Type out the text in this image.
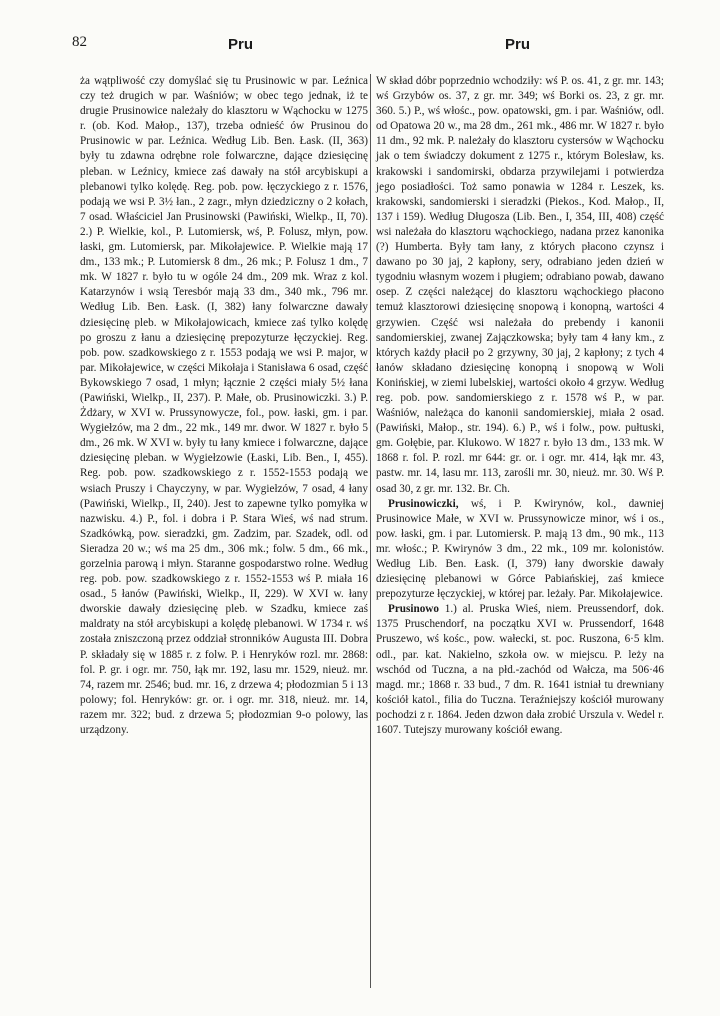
82	Pru	Pru

ża wątpliwość czy domyślać się tu Prusinowic w par. Leźnica czy też drugich w par. Waśniów; w obec tego jednak, iż te drugie Prusinowice należały do klasztoru w Wąchocku w 1275 r. (ob. Kod. Małop., 137), trzeba odnieść ów Prusinou do Prusinowic w par. Leźnica. Według Lib. Ben. Łask. (II, 363) były tu zdawna odrębne role folwarczne, dające dziesięcinę pleban. w Leźnicy, kmiece zaś dawały na stół arcybiskupi a plebanowi tylko kolędę. Reg. pob. pow. łęczyckiego z r. 1576, podają we wsi P. 3½ łan., 2 zagr., młyn dziedziczny o 2 kołach, 7 osad. Właściciel Jan Prusinowski (Pawiński, Wielkp., II, 70). 2.) P. Wielkie, kol., P. Lutomiersk, wś, P. Folusz, młyn, pow. łaski, gm. Lutomiersk, par. Mikołajewice. P. Wielkie mają 17 dm., 133 mk.; P. Lutomiersk 8 dm., 26 mk.; P. Folusz 1 dm., 7 mk. W 1827 r. było tu w ogóle 24 dm., 209 mk. Wraz z kol. Katarzynów i wsią Teresbór mają 33 dm., 340 mk., 796 mr. Według Lib. Ben. Łask. (I, 382) łany folwarczne dawały dziesięcinę pleb. w Mikołajowicach, kmiece zaś tylko kolędę po groszu z łanu a dziesięcinę prepozyturze łęczyckiej. Reg. pob. pow. szadkowskiego z r. 1553 podają we wsi P. major, w par. Mikołajewice, w części Mikołaja i Stanisława 6 osad, część Bykowskiego 7 osad, 1 młyn; łącznie 2 części miały 5½ łana (Pawiński, Wielkp., II, 237). P. Małe, ob. Prusinowiczki. 3.) P. Żdżary, w XVI w. Prussynowycze, fol., pow. łaski, gm. i par. Wygiełzów, ma 2 dm., 22 mk., 149 mr. dwor. W 1827 r. było 5 dm., 26 mk. W XVI w. były tu łany kmiece i folwarczne, dające dziesięcinę pleban. w Wygiełzowie (Łaski, Lib. Ben., I, 455). Reg. pob. pow. szadkowskiego z r. 1552-1553 podają we wsiach Pruszy i Chayczyny, w par. Wygiełzów, 7 osad, 4 łany (Pawiński, Wielkp., II, 240). Jest to zapewne tylko pomyłka w nazwisku. 4.) P., fol. i dobra i P. Stara Wieś, wś nad strum. Szadkówką, pow. sieradzki, gm. Zadzim, par. Szadek, odl. od Sieradza 20 w.; wś ma 25 dm., 306 mk.; folw. 5 dm., 66 mk., gorzelnia parową i młyn. Staranne gospodarstwo rolne. Według reg. pob. pow. szadkowskiego z r. 1552-1553 wś P. miała 16 osad., 5 łanów (Pawiński, Wielkp., II, 229). W XVI w. łany dworskie dawały dziesięcinę pleb. w Szadku, kmiece zaś maldraty na stół arcybiskupi a kolędę plebanowi. W 1734 r. wś została zniszczoną przez oddział stronników Augusta III. Dobra P. składały się w 1885 r. z folw. P. i Henryków rozl. mr. 2868: fol. P. gr. i ogr. mr. 750, łąk mr. 192, lasu mr. 1529, nieuż. mr. 74, razem mr. 2546; bud. mr. 16, z drzewa 4; płodozmian 5 i 13 polowy; fol. Henryków: gr. or. i ogr. mr. 318, nieuż. mr. 14, razem mr. 322; bud. z drzewa 5; płodozmian 9-o polowy, las urządzony.

W skład dóbr poprzednio wchodziły: wś P. os. 41, z gr. mr. 143; wś Grzybów os. 37, z gr. mr. 349; wś Borki os. 23, z gr. mr. 360. 5.) P., wś włośc., pow. opatowski, gm. i par. Waśniów, odl. od Opatowa 20 w., ma 28 dm., 261 mk., 486 mr. W 1827 r. było 11 dm., 92 mk. P. należały do klasztoru cystersów w Wąchocku jak o tem świadczy dokument z 1275 r., którym Bolesław, ks. krakowski i sandomirski, obdarza przywilejami i potwierdza jego posiadłości. Toż samo ponawia w 1284 r. Leszek, ks. krakowski, sandomierski i sieradzki (Piekos., Kod. Małop., II, 137 i 159). Według Długosza (Lib. Ben., I, 354, III, 408) część wsi należała do klasztoru wąchockiego, nadana przez kanonika (?) Humberta. Były tam łany, z których płacono czynsz i dawano po 30 jaj, 2 kapłony, sery, odrabiano jeden dzień w tygodniu własnym wozem i pługiem; odrabiano powab, dawano osep. Z części należącej do klasztoru wąchockiego płacono temuż klasztorowi dziesięcinę snopową i konopną, wartości 4 grzywien. Część wsi należała do prebendy i kanonii sandomierskiej, zwanej Zajączkowska; były tam 4 łany km., z których każdy płacił po 2 grzywny, 30 jaj, 2 kapłony; z tych 4 łanów składano dziesięcinę konopną i snopową w Woli Konińskiej, w ziemi lubelskiej, wartości około 4 grzyw. Według reg. pob. pow. sandomierskiego z r. 1578 wś P., w par. Waśniów, należąca do kanonii sandomierskiej, miała 2 osad. (Pawiński, Małop., str. 194). 6.) P., wś i folw., pow. pułtuski, gm. Gołębie, par. Klukowo. W 1827 r. było 13 dm., 133 mk. W 1868 r. fol. P. rozl. mr 644: gr. or. i ogr. mr. 414, łąk mr. 43, pastw. mr. 14, lasu mr. 113, zarośli mr. 30, nieuż. mr. 30. Wś P. osad 30, z gr. mr. 132. Br. Ch.

Prusinowiczki, wś, i P. Kwirynów, kol., dawniej Prusinowice Małe, w XVI w. Prussynowicze minor, wś i os., pow. łaski, gm. i par. Lutomiersk. P. mają 13 dm., 90 mk., 113 mr. włośc.; P. Kwirynów 3 dm., 22 mk., 109 mr. kolonistów. Według Lib. Ben. Łask. (I, 379) łany dworskie dawały dziesięcinę plebanowi w Górce Pabiańskiej, zaś kmiece prepozyturze łęczyckiej, w której par. leżały. Par. Mikołajewice.

Prusinowo 1.) al. Pruska Wieś, niem. Preussendorf, dok. 1375 Pruschendorf, na początku XVI w. Prussendorf, 1648 Pruszewo, wś kośc., pow. wałecki, st. poc. Ruszona, 6·5 klm. odl., par. kat. Nakielno, szkoła ow. w miejscu. P. leży na wschód od Tuczna, a na płd.-zachód od Wałcza, ma 506·46 magd. mr.; 1868 r. 33 bud., 7 dm. R. 1641 istniał tu drewniany kościół katol., filia do Tuczna. Teraźniejszy kościół murowany pochodzi z r. 1864. Jeden dzwon dała zrobić Urszula v. Wedel r. 1607. Tutejszy murowany kościół ewang.
